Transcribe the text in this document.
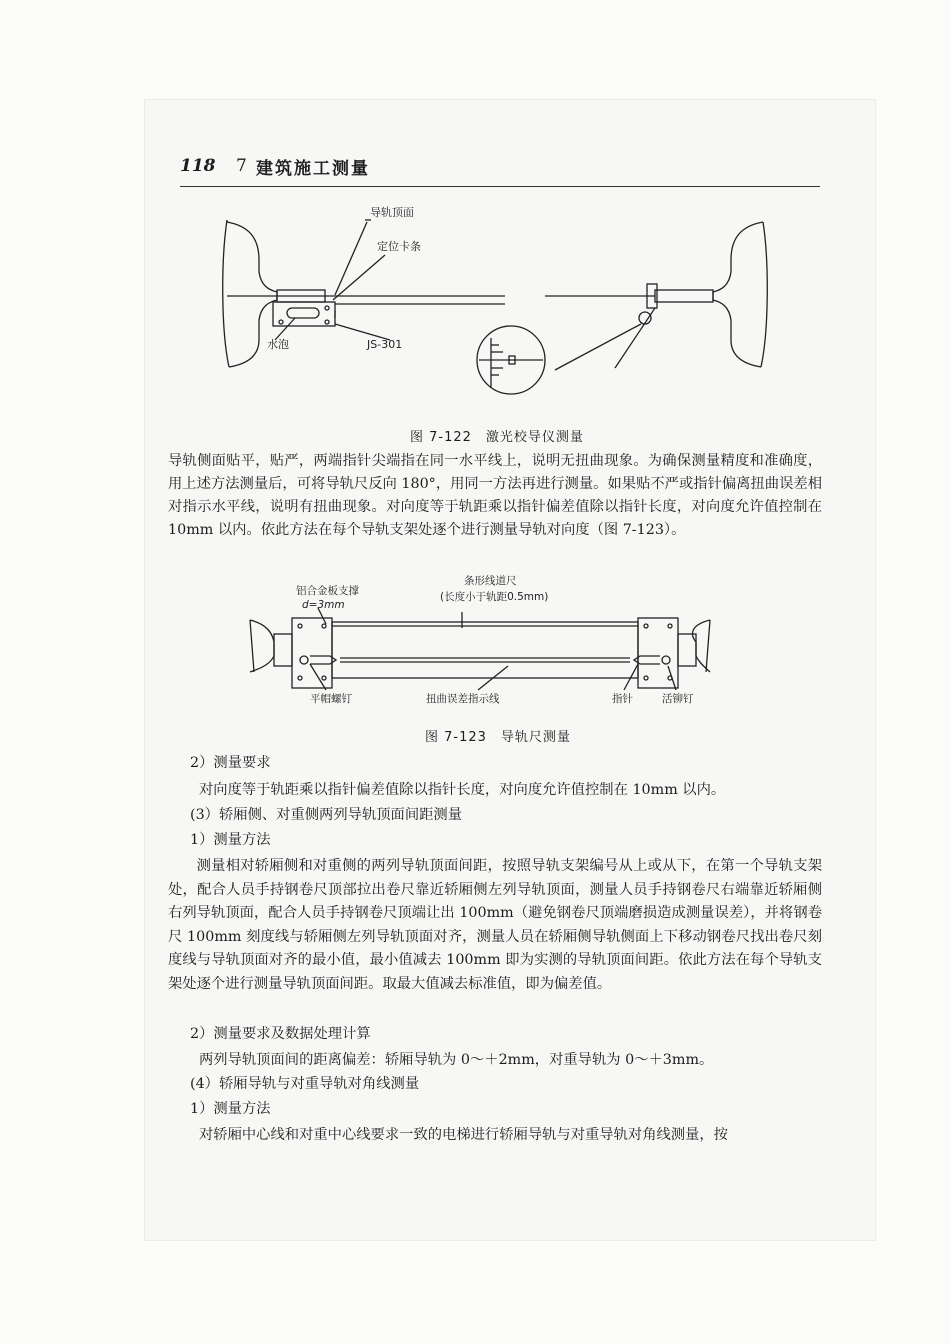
118 7 建筑施工测量
导轨顶面
定位卡条
水泡	JS-301
图 7-122　激光校导仪测量
导轨侧面贴平，贴严，两端指针尖端指在同一水平线上，说明无扭曲现象。为确保测量精度和准确度，用上述方法测量后，可将导轨尺反向 180°，用同一方法再进行测量。如果贴不严或指针偏离扭曲误差相对指示水平线，说明有扭曲现象。对向度等于轨距乘以指针偏差值除以指针长度，对向度允许值控制在 10mm 以内。依此方法在每个导轨支架处逐个进行测量导轨对向度（图 7-123）。
铝合金板支撑
d=3mm
条形线道尺
(长度小于轨距0.5mm)
平帽螺钉	扭曲误差指示线	指针	活铆钉
图 7-123　导轨尺测量
2）测量要求
对向度等于轨距乘以指针偏差值除以指针长度，对向度允许值控制在 10mm 以内。
(3）轿厢侧、对重侧两列导轨顶面间距测量
1）测量方法
测量相对轿厢侧和对重侧的两列导轨顶面间距，按照导轨支架编号从上或从下，在第一个导轨支架处，配合人员手持钢卷尺顶部拉出卷尺靠近轿厢侧左列导轨顶面，测量人员手持钢卷尺右端靠近轿厢侧右列导轨顶面，配合人员手持钢卷尺顶端让出 100mm（避免钢卷尺顶端磨损造成测量误差），并将钢卷尺 100mm 刻度线与轿厢侧左列导轨顶面对齐，测量人员在轿厢侧导轨侧面上下移动钢卷尺找出卷尺刻度线与导轨顶面对齐的最小值，最小值减去 100mm 即为实测的导轨顶面间距。依此方法在每个导轨支架处逐个进行测量导轨顶面间距。取最大值减去标准值，即为偏差值。
2）测量要求及数据处理计算
两列导轨顶面间的距离偏差：轿厢导轨为 0～＋2mm，对重导轨为 0～＋3mm。
(4）轿厢导轨与对重导轨对角线测量
1）测量方法
对轿厢中心线和对重中心线要求一致的电梯进行轿厢导轨与对重导轨对角线测量，按
